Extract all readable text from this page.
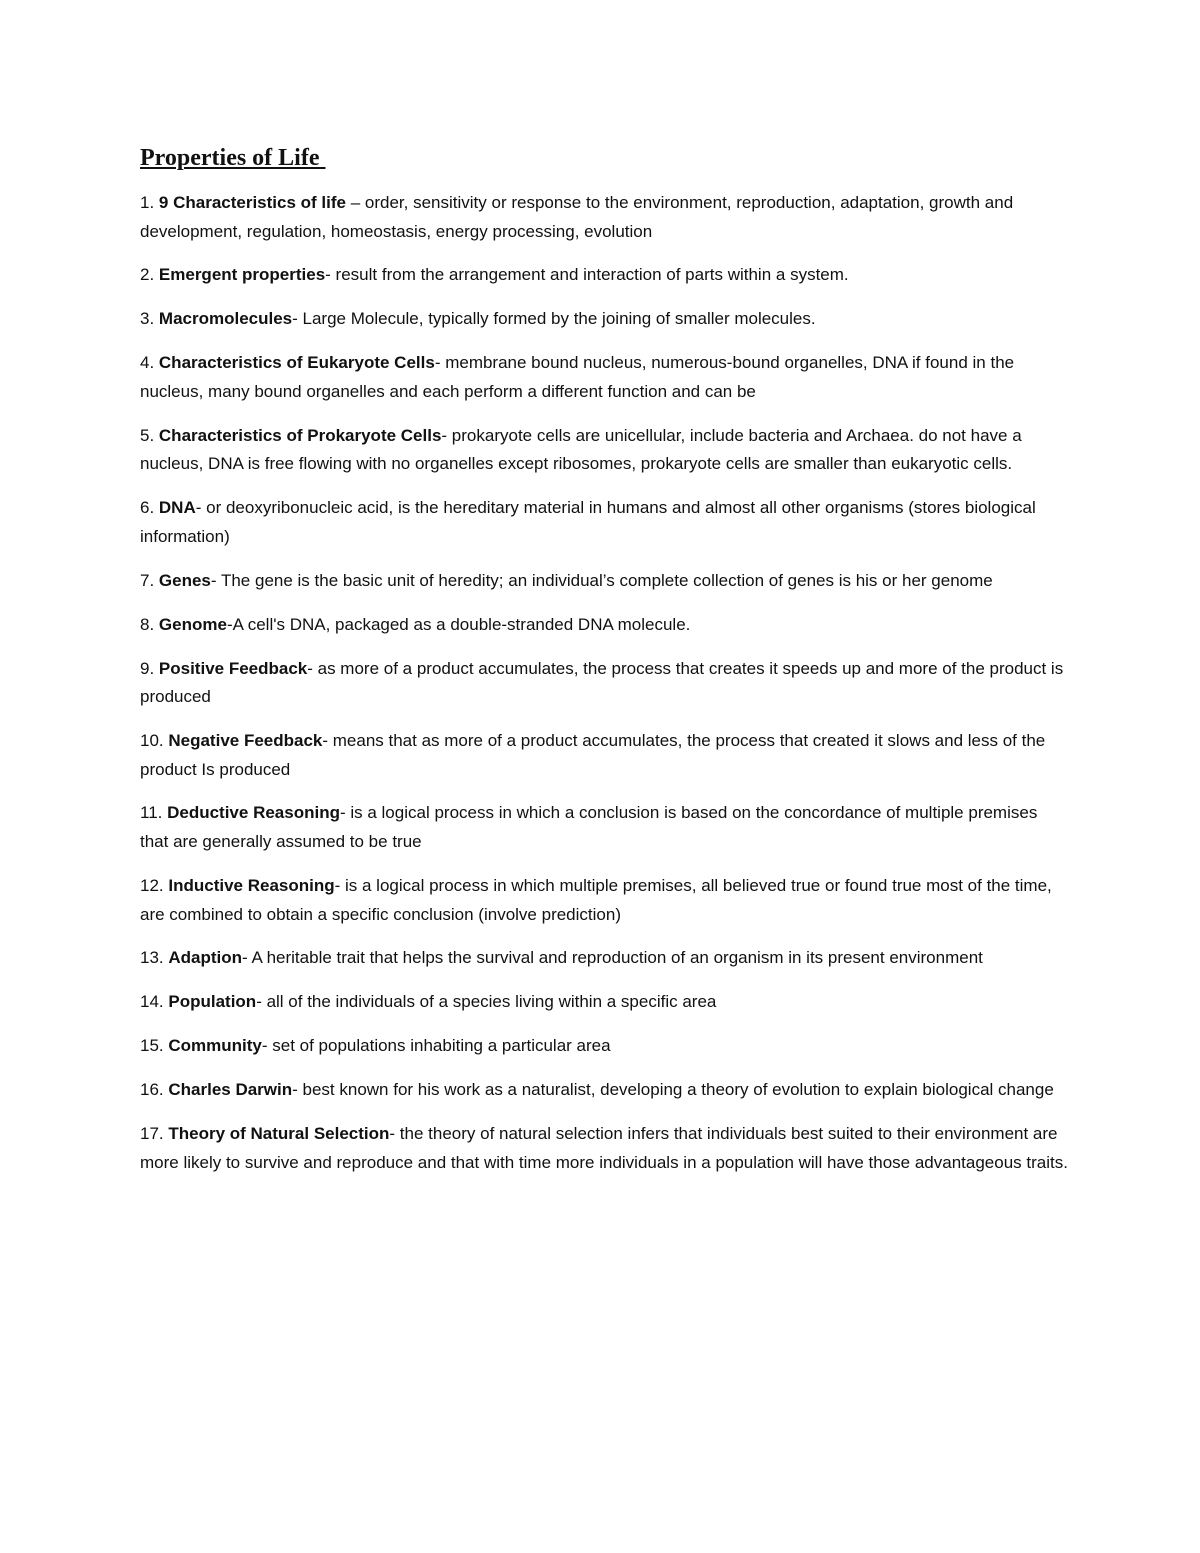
Properties of Life
1. 9 Characteristics of life – order, sensitivity or response to the environment, reproduction, adaptation, growth and development, regulation, homeostasis, energy processing, evolution
2. Emergent properties- result from the arrangement and interaction of parts within a system.
3. Macromolecules- Large Molecule, typically formed by the joining of smaller molecules.
4. Characteristics of Eukaryote Cells- membrane bound nucleus, numerous-bound organelles, DNA if found in the nucleus, many bound organelles and each perform a different function and can be
5. Characteristics of Prokaryote Cells- prokaryote cells are unicellular, include bacteria and Archaea. do not have a nucleus, DNA is free flowing with no organelles except ribosomes, prokaryote cells are smaller than eukaryotic cells.
6. DNA- or deoxyribonucleic acid, is the hereditary material in humans and almost all other organisms (stores biological information)
7. Genes- The gene is the basic unit of heredity; an individual’s complete collection of genes is his or her genome
8. Genome-A cell's DNA, packaged as a double-stranded DNA molecule.
9. Positive Feedback- as more of a product accumulates, the process that creates it speeds up and more of the product is produced
10. Negative Feedback- means that as more of a product accumulates, the process that created it slows and less of the product Is produced
11. Deductive Reasoning- is a logical process in which a conclusion is based on the concordance of multiple premises that are generally assumed to be true
12. Inductive Reasoning- is a logical process in which multiple premises, all believed true or found true most of the time, are combined to obtain a specific conclusion (involve prediction)
13. Adaption- A heritable trait that helps the survival and reproduction of an organism in its present environment
14. Population- all of the individuals of a species living within a specific area
15. Community- set of populations inhabiting a particular area
16. Charles Darwin- best known for his work as a naturalist, developing a theory of evolution to explain biological change
17. Theory of Natural Selection- the theory of natural selection infers that individuals best suited to their environment are more likely to survive and reproduce and that with time more individuals in a population will have those advantageous traits.
